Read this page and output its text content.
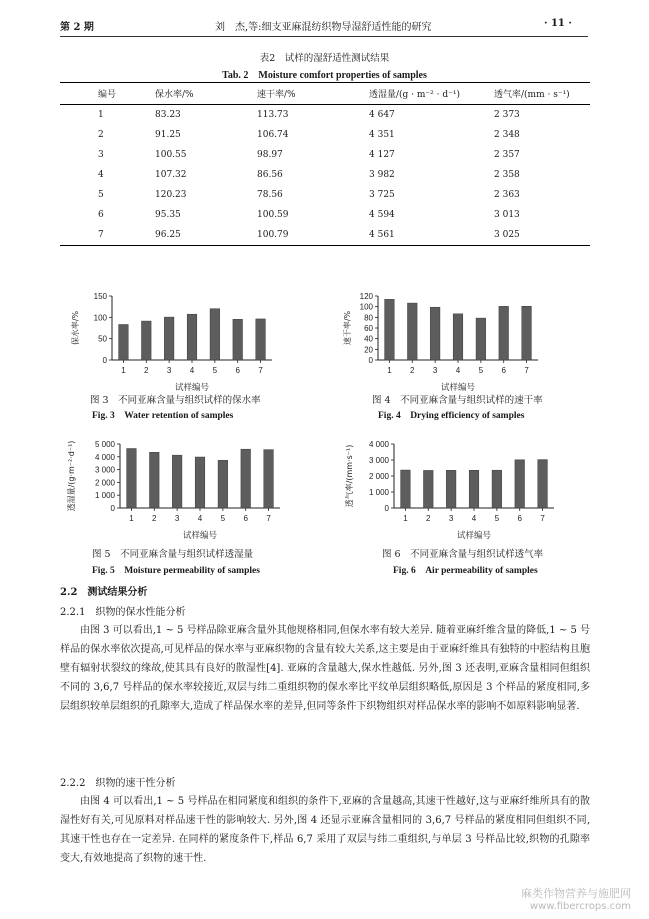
第 2 期	刘　杰,等:细支亚麻混纺织物导湿舒适性能的研究	· 11 ·
表2　试样的湿舒适性测试结果
Tab. 2　Moisture comfort properties of samples
编号	保水率/%	速干率/%	透湿量/(g · m⁻² · d⁻¹)	透气率/(mm · s⁻¹)
1	83.23	113.73	4 647	2 373
2	91.25	106.74	4 351	2 348
3	100.55	98.97	4 127	2 357
4	107.32	86.56	3 982	2 358
5	120.23	78.56	3 725	2 363
6	95.35	100.59	4 594	3 013
7	96.25	100.79	4 561	3 025
0
50
100
150
1 2 3 4 5 6 7
试样编号
保水率/%
0
20
40
60
80
100
120
1 2 3 4 5 6 7
试样编号
速干率/%
0
1 000
2 000
3 000
4 000
5 000
1 2 3 4 5 6 7
试样编号
透湿量/(g·m⁻²·d⁻¹)	0
1 000
2 000
3 000
4 000
1 2 3 4 5 6 7
试样编号
透气率/(mm·s⁻¹)
图 3　不同亚麻含量与组织试样的保水率
Fig. 3　Water retention of samples
图 4　不同亚麻含量与组织试样的速干率
Fig. 4　Drying efficiency of samples
图 5　不同亚麻含量与组织试样透湿量
Fig. 5　Moisture permeability of samples
图 6　不同亚麻含量与组织试样透气率
Fig. 6　Air permeability of samples
2.2　测试结果分析
2.2.1　织物的保水性能分析
由图 3 可以看出,1 ~ 5 号样品除亚麻含量外其他规格相同,但保水率有较大差异. 随着亚麻纤维含量的降低,1 ~ 5 号样品的保水率依次提高,可见样品的保水率与亚麻织物的含量有较大关系,这主要是由于亚麻纤维具有独特的中腔结构且胞壁有辐射状裂纹的缘故,使其具有良好的散湿性[4]. 亚麻的含量越大,保水性越低. 另外,图 3 还表明,亚麻含量相同但组织不同的 3,6,7 号样品的保水率较接近,双层与纬二重组织物的保水率比平纹单层组织略低,原因是 3 个样品的紧度相同,多层组织较单层组织的孔隙率大,造成了样品保水率的差异,但同等条件下织物组织对样品保水率的影响不如原料影响显著.
2.2.2　织物的速干性分析
由图 4 可以看出,1 ~ 5 号样品在相同紧度和组织的条件下,亚麻的含量越高,其速干性越好,这与亚麻纤维所具有的散湿性好有关,可见原料对样品速干性的影响较大. 另外,图 4 还显示亚麻含量相同的 3,6,7 号样品的紧度相同但组织不同,其速干性也存在一定差异. 在同样的紧度条件下,样品 6,7 采用了双层与纬二重组织,与单层 3 号样品比较,织物的孔隙率变大,有效地提高了织物的速干性.
麻类作物营养与施肥网
www.fibercrops.com
